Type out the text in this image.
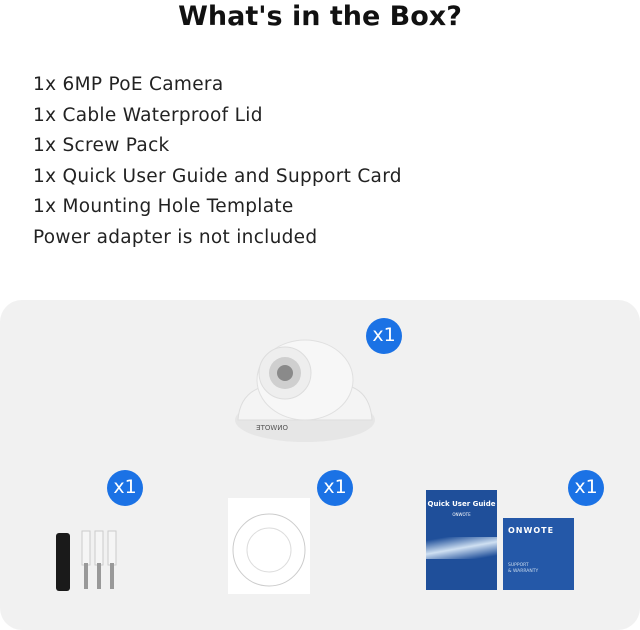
What's in the Box?
1x 6MP PoE Camera
1x Cable Waterproof Lid
1x Screw Pack
1x Quick User Guide and Support Card
1x Mounting Hole Template
Power adapter is not included
ONWOTE
x1
x1	x1
Quick User Guide
ONWOTE
ONWOTE
SUPPORT
& WARRANTY
x1
